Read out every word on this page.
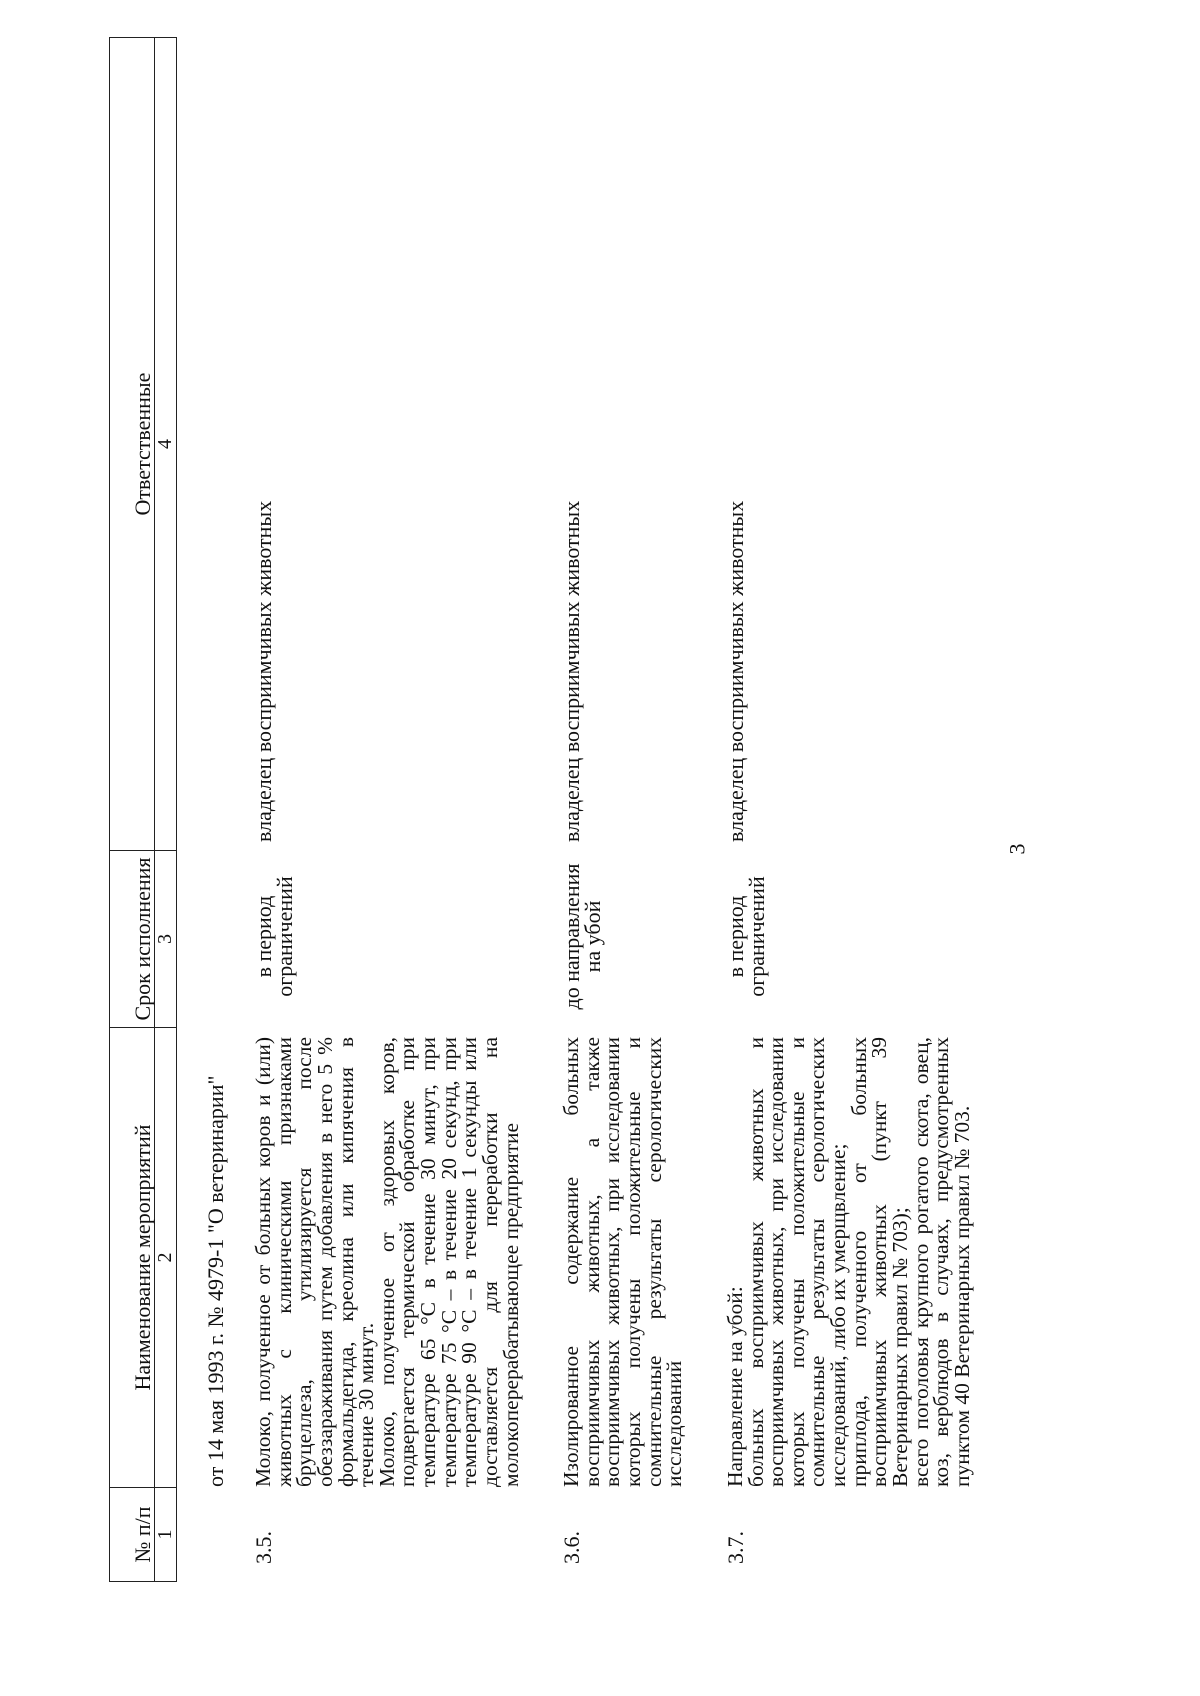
3
№ п/п
Наименование мероприятий
Срок исполнения
Ответственные
1
2
3
4
от 14 мая 1993 г. № 4979-1 "О ветеринарии"
3.5.

Молоко, полученное от больных коров и (или) животных с клиническими признаками бруцеллеза, утилизируется после обеззараживания путем добавления в него 5 % формальдегида, креолина или кипячения в течение 30 минут.

Молоко, полученное от здоровых коров, подвергается термической обработке при температуре 65 °С в течение 30 минут, при температуре 75 °С – в течение 20 секунд, при температуре 90 °С – в течение 1 секунды или доставляется для переработки на молокоперерабатывающее предприятие

в период ограничений
владелец восприимчивых животных
3.6.

Изолированное содержание больных восприимчивых животных, а также восприимчивых животных, при исследовании которых получены положительные и сомнительные результаты серологических исследований

до направления на убой
владелец восприимчивых животных
3.7.

Направление на убой:

больных восприимчивых животных и восприимчивых животных, при исследовании которых получены положительные и сомнительные результаты серологических исследований, либо их умерщвление;

приплода, полученного от больных восприимчивых животных (пункт 39 Ветеринарных правил № 703);

всего поголовья крупного рогатого скота, овец, коз, верблюдов в случаях, предусмотренных пунктом 40 Ветеринарных правил № 703.

в период ограничений
владелец восприимчивых животных
